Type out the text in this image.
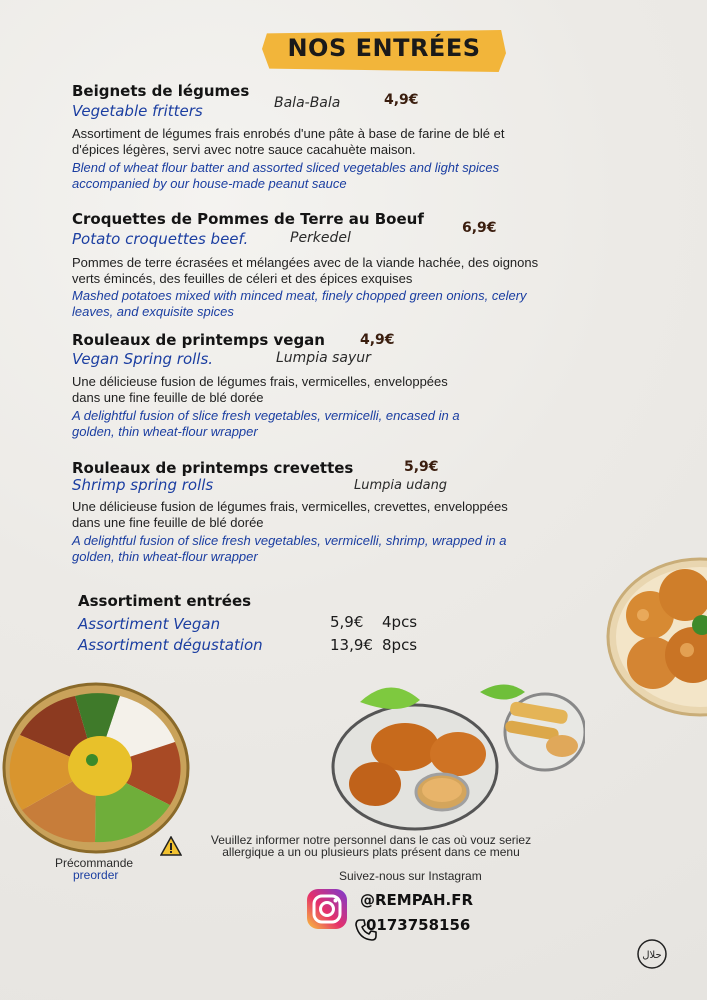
NOS ENTRÉES
Beignets de légumes
Vegetable fritters	Bala-Bala	4,9€
Assortiment de légumes frais enrobés d'une pâte à base de farine de blé et
d'épices légères, servi avec notre sauce cacahuète maison.
Blend of wheat flour batter and assorted sliced vegetables and light spices
accompanied by our house-made peanut sauce
Croquettes de Pommes de Terre au Boeuf
Potato croquettes beef.	Perkedel
6,9€
Pommes de terre écrasées et mélangées avec de la viande hachée, des oignons
verts émincés, des feuilles de céleri et des épices exquises
Mashed potatoes mixed with minced meat, finely chopped green onions, celery
leaves, and exquisite spices
Rouleaux de printemps vegan	4,9€
Vegan Spring rolls.	Lumpia sayur
Une délicieuse fusion de légumes frais, vermicelles, enveloppées
dans une fine feuille de blé dorée
A delightful fusion of slice fresh vegetables, vermicelli, encased in a
golden, thin wheat-flour wrapper
Rouleaux de printemps crevettes	5,9€
Shrimp spring rolls	Lumpia udang
Une délicieuse fusion de légumes frais, vermicelles, crevettes, enveloppées
dans une fine feuille de blé dorée
A delightful fusion of slice fresh vegetables, vermicelli, shrimp, wrapped in a
golden, thin wheat-flour wrapper
Assortiment entrées
Assortiment Vegan	5,9€ 4pcs
Assortiment dégustation	13,9€ 8pcs
Précommande
preorder
Veuillez informer notre personnel dans le cas où vouz seriez
allergique a un ou plusieurs plats présent dans ce menu
Suivez-nous sur Instagram
@REMPAH.FR
0173758156
حلال
